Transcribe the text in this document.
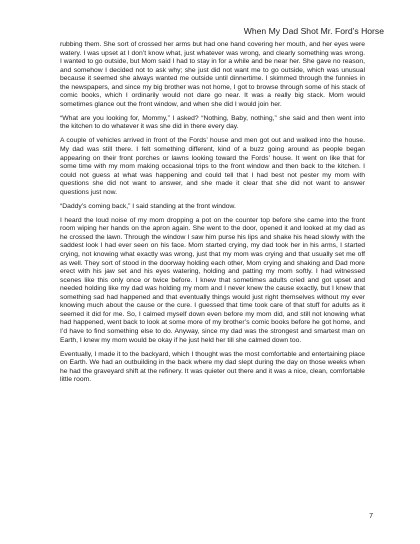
When My Dad Shot Mr. Ford’s Horse

rubbing them. She sort of crossed her arms but had one hand covering her mouth, and her eyes were watery. I was upset at I don’t know what, just whatever was wrong, and clearly something was wrong. I wanted to go outside, but Mom said I had to stay in for a while and be near her. She gave no reason, and somehow I decided not to ask why; she just did not want me to go outside, which was unusual because it seemed she always wanted me outside until dinnertime. I skimmed through the funnies in the newspapers, and since my big brother was not home, I got to browse through some of his stack of comic books, which I ordinarily would not dare go near. It was a really big stack. Mom would sometimes glance out the front window, and when she did I would join her.

“What are you looking for, Mommy,” I asked? “Nothing, Baby, nothing,” she said and then went into the kitchen to do whatever it was she did in there every day.

A couple of vehicles arrived in front of the Fords’ house and men got out and walked into the house. My dad was still there. I felt something different, kind of a buzz going around as people began appearing on their front porches or lawns looking toward the Fords’ house. It went on like that for some time with my mom making occasional trips to the front window and then back to the kitchen. I could not guess at what was happening and could tell that I had best not pester my mom with questions she did not want to answer, and she made it clear that she did not want to answer questions just now.

“Daddy’s coming back,” I said standing at the front window.

I heard the loud noise of my mom dropping a pot on the counter top before she came into the front room wiping her hands on the apron again. She went to the door, opened it and looked at my dad as he crossed the lawn. Through the window I saw him purse his lips and shake his head slowly with the saddest look I had ever seen on his face. Mom started crying, my dad took her in his arms, I started crying, not knowing what exactly was wrong, just that my mom was crying and that usually set me off as well. They sort of stood in the doorway holding each other, Mom crying and shaking and Dad more erect with his jaw set and his eyes watering, holding and patting my mom softly. I had witnessed scenes like this only once or twice before. I knew that sometimes adults cried and got upset and needed holding like my dad was holding my mom and I never knew the cause exactly, but I knew that something sad had happened and that eventually things would just right themselves without my ever knowing much about the cause or the cure. I guessed that time took care of that stuff for adults as it seemed it did for me. So, I calmed myself down even before my mom did, and still not knowing what had happened, went back to look at some more of my brother’s comic books before he got home, and I’d have to find something else to do. Anyway, since my dad was the strongest and smartest man on Earth, I knew my mom would be okay if he just held her till she calmed down too.

Eventually, I made it to the backyard, which I thought was the most comfortable and entertaining place on Earth. We had an outbuilding in the back where my dad slept during the day on those weeks when he had the graveyard shift at the refinery. It was quieter out there and it was a nice, clean, comfortable little room.

7
